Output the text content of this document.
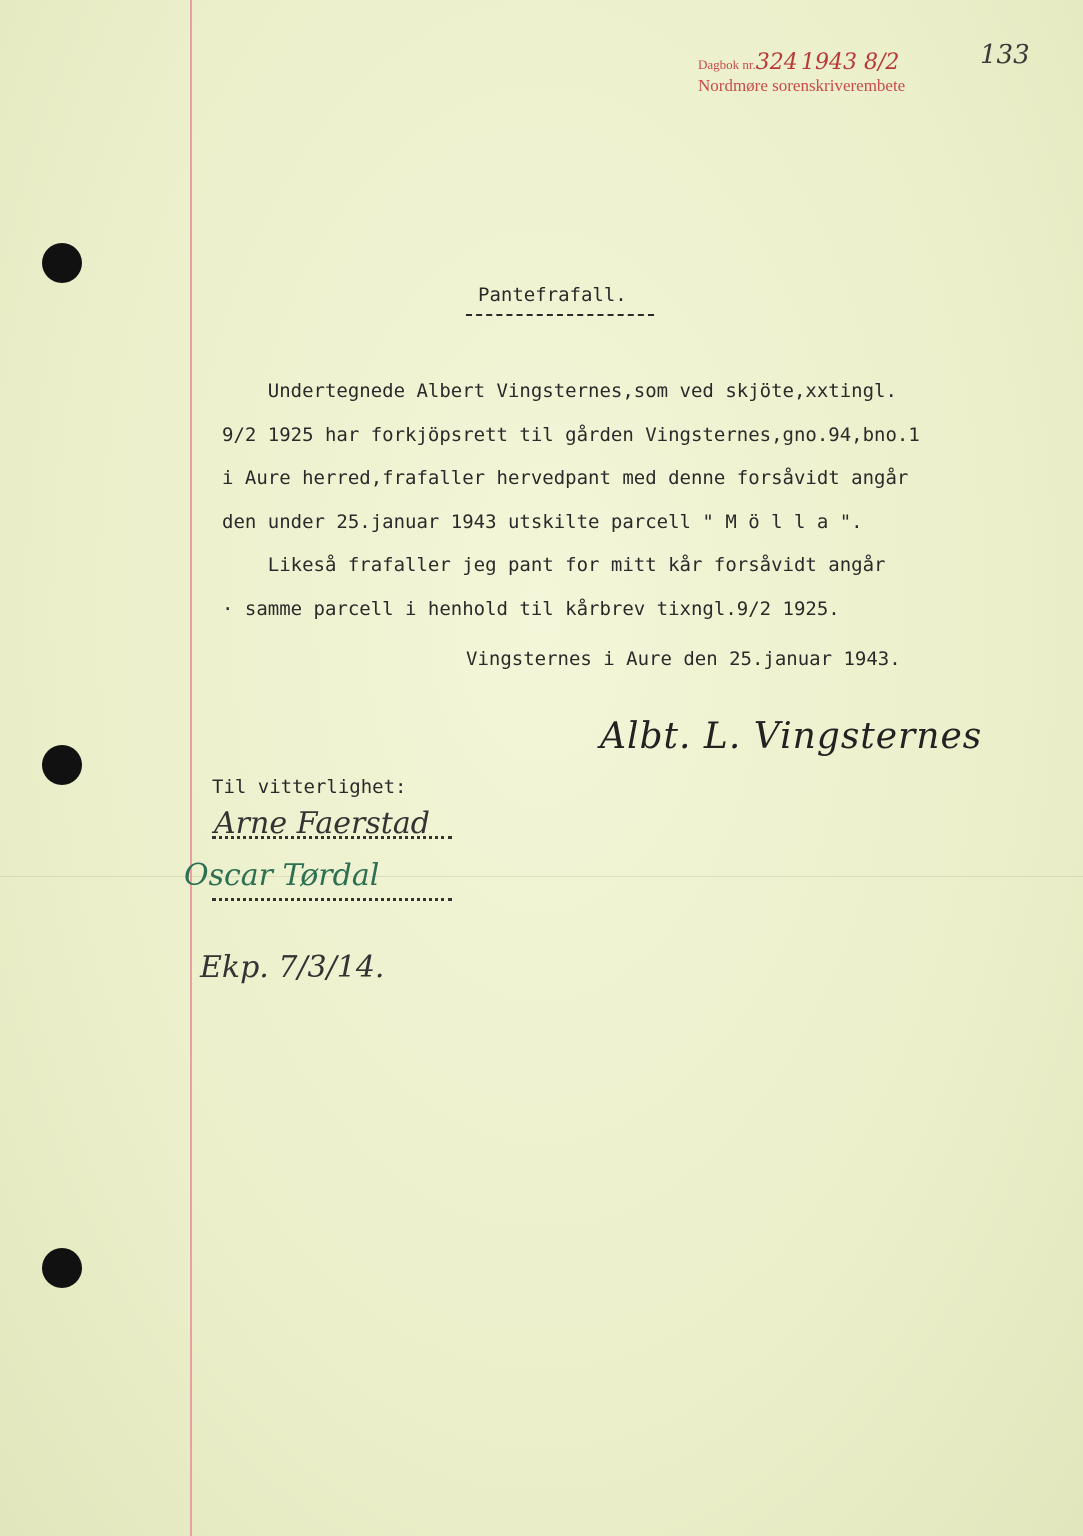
Dagbok nr.324 1943 8/2
Nordmøre sorenskriverembete
133
Pantefrafall.
Undertegnede Albert Vingsternes,som ved skjöte,xxtingl.
9/2 1925 har forkjöpsrett til gården Vingsternes,gno.94,bno.1
i Aure herred,frafaller hervedpant med denne forsåvidt angår
den under 25.januar 1943 utskilte parcell " M ö l l a ".
Likeså frafaller jeg pant for mitt kår forsåvidt angår
· samme parcell i henhold til kårbrev tixngl.9/2 1925.
Vingsternes i Aure den 25.januar 1943.
Albt. L. Vingsternes
Til vitterlighet:
Arne Faerstad
Oscar Tørdal
Ekp. 7/3/14.
